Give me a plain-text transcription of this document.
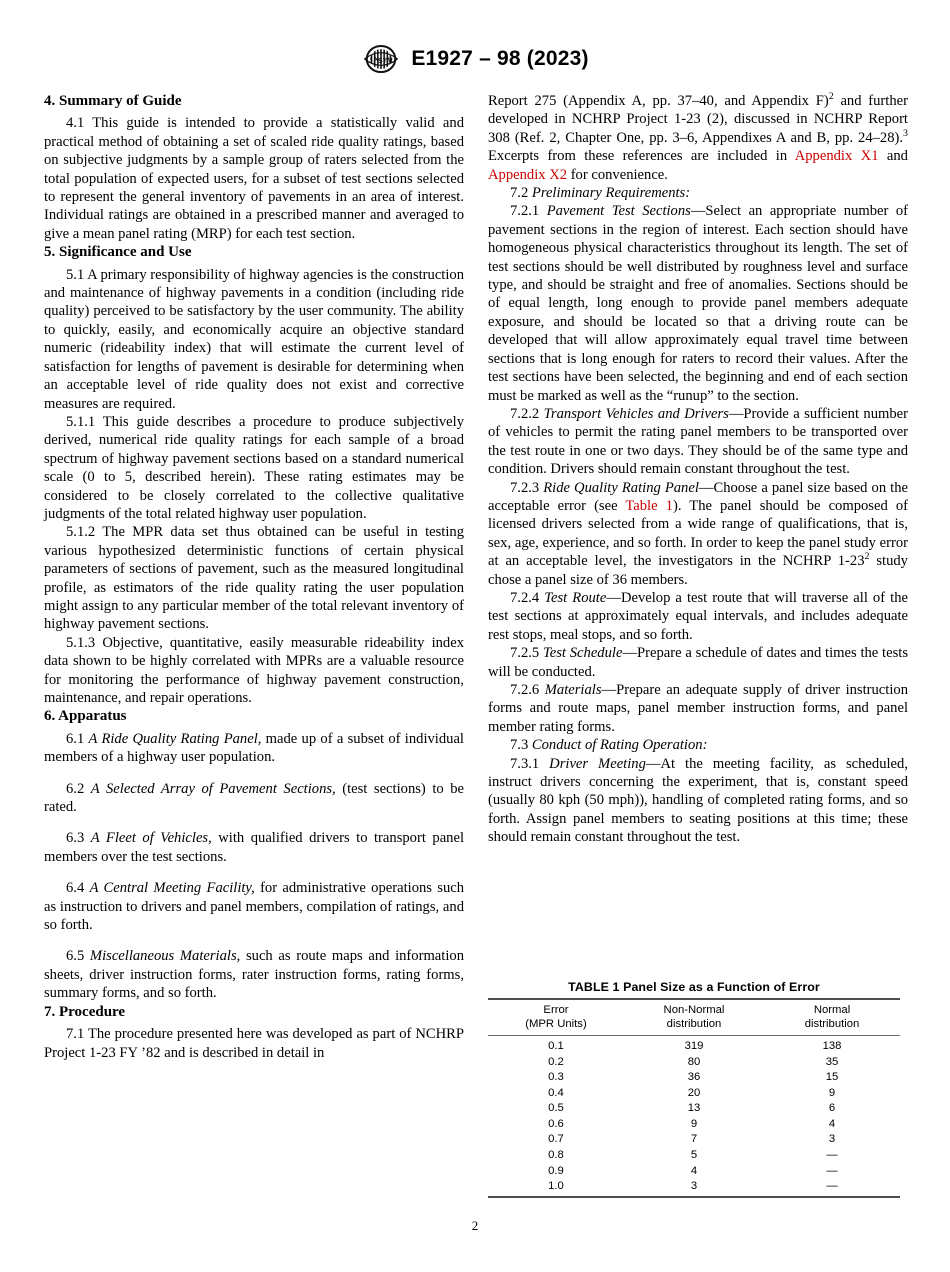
A S T M E1927 – 98 (2023)
4. Summary of Guide

4.1 This guide is intended to provide a statistically valid and practical method of obtaining a set of scaled ride quality ratings, based on subjective judgments by a sample group of raters selected from the total population of expected users, for a subset of test sections selected to represent the general inventory of pavements in an area of interest. Individual ratings are obtained in a prescribed manner and averaged to give a mean panel rating (MRP) for each test section.

5. Significance and Use

5.1 A primary responsibility of highway agencies is the construction and maintenance of highway pavements in a condition (including ride quality) perceived to be satisfactory by the user community. The ability to quickly, easily, and economically acquire an objective standard numeric (rideability index) that will estimate the current level of satisfaction for lengths of pavement is desirable for determining when an acceptable level of ride quality does not exist and corrective measures are required.

5.1.1 This guide describes a procedure to produce subjectively derived, numerical ride quality ratings for each sample of a broad spectrum of highway pavement sections based on a standard numerical scale (0 to 5, described herein). These rating estimates may be considered to be closely correlated to the collective qualitative judgments of the total related highway user population.

5.1.2 The MPR data set thus obtained can be useful in testing various hypothesized deterministic functions of certain physical parameters of sections of pavement, such as the measured longitudinal profile, as estimators of the ride quality rating the user population might assign to any particular member of the total relevant inventory of highway pavement sections.

5.1.3 Objective, quantitative, easily measurable rideability index data shown to be highly correlated with MPRs are a valuable resource for monitoring the performance of highway pavement construction, maintenance, and repair operations.

6. Apparatus

6.1 A Ride Quality Rating Panel, made up of a subset of individual members of a highway user population.

6.2 A Selected Array of Pavement Sections, (test sections) to be rated.

6.3 A Fleet of Vehicles, with qualified drivers to transport panel members over the test sections.

6.4 A Central Meeting Facility, for administrative operations such as instruction to drivers and panel members, compilation of ratings, and so forth.

6.5 Miscellaneous Materials, such as route maps and information sheets, driver instruction forms, rater instruction forms, rating forms, summary forms, and so forth.

7. Procedure

7.1 The procedure presented here was developed as part of NCHRP Project 1-23 FY ’82 and is described in detail in

Report 275 (Appendix A, pp. 37–40, and Appendix F)$^2$ and further developed in NCHRP Project 1-23 (2), discussed in NCHRP Report 308 (Ref. 2, Chapter One, pp. 3–6, Appendixes A and B, pp. 24–28).$^3$ Excerpts from these references are included in Appendix X1 and Appendix X2 for convenience.

7.2 Preliminary Requirements:

7.2.1 Pavement Test Sections—Select an appropriate number of pavement sections in the region of interest. Each section should have homogeneous physical characteristics throughout its length. The set of test sections should be well distributed by roughness level and surface type, and should be straight and free of anomalies. Sections should be of equal length, long enough to provide panel members adequate exposure, and should be located so that a driving route can be developed that will allow approximately equal travel time between sections that is long enough for raters to record their values. After the test sections have been selected, the beginning and end of each section must be marked as well as the “runup” to the section.

7.2.2 Transport Vehicles and Drivers—Provide a sufficient number of vehicles to permit the rating panel members to be transported over the test route in one or two days. They should be of the same type and condition. Drivers should remain constant throughout the test.

7.2.3 Ride Quality Rating Panel—Choose a panel size based on the acceptable error (see Table 1). The panel should be composed of licensed drivers selected from a wide range of qualifications, that is, sex, age, experience, and so forth. In order to keep the panel study error at an acceptable level, the investigators in the NCHRP $1-23^2$ study chose a panel size of 36 members.

7.2.4 Test Route—Develop a test route that will traverse all of the test sections at approximately equal intervals, and includes adequate rest stops, meal stops, and so forth.

7.2.5 Test Schedule—Prepare a schedule of dates and times the tests will be conducted.

7.2.6 Materials—Prepare an adequate supply of driver instruction forms and route maps, panel member instruction forms, and panel member rating forms.

7.3 Conduct of Rating Operation:

7.3.1 Driver Meeting—At the meeting facility, as scheduled, instruct drivers concerning the experiment, that is, constant speed (usually 80 kph (50 mph)), handling of completed rating forms, and so forth. Assign panel members to seating positions at this time; these should remain constant throughout the test.

TABLE 1 Panel Size as a Function of Error
Error
(MPR Units)

Non-Normal
distribution

Normal
distribution

0.1	319	138
0.2	80	35
0.3	36	15
0.4	20	9
0.5	13	6
0.6	9	4
0.7	7	3
0.8	5	—
0.9	4	—
1.0	3	—

2
